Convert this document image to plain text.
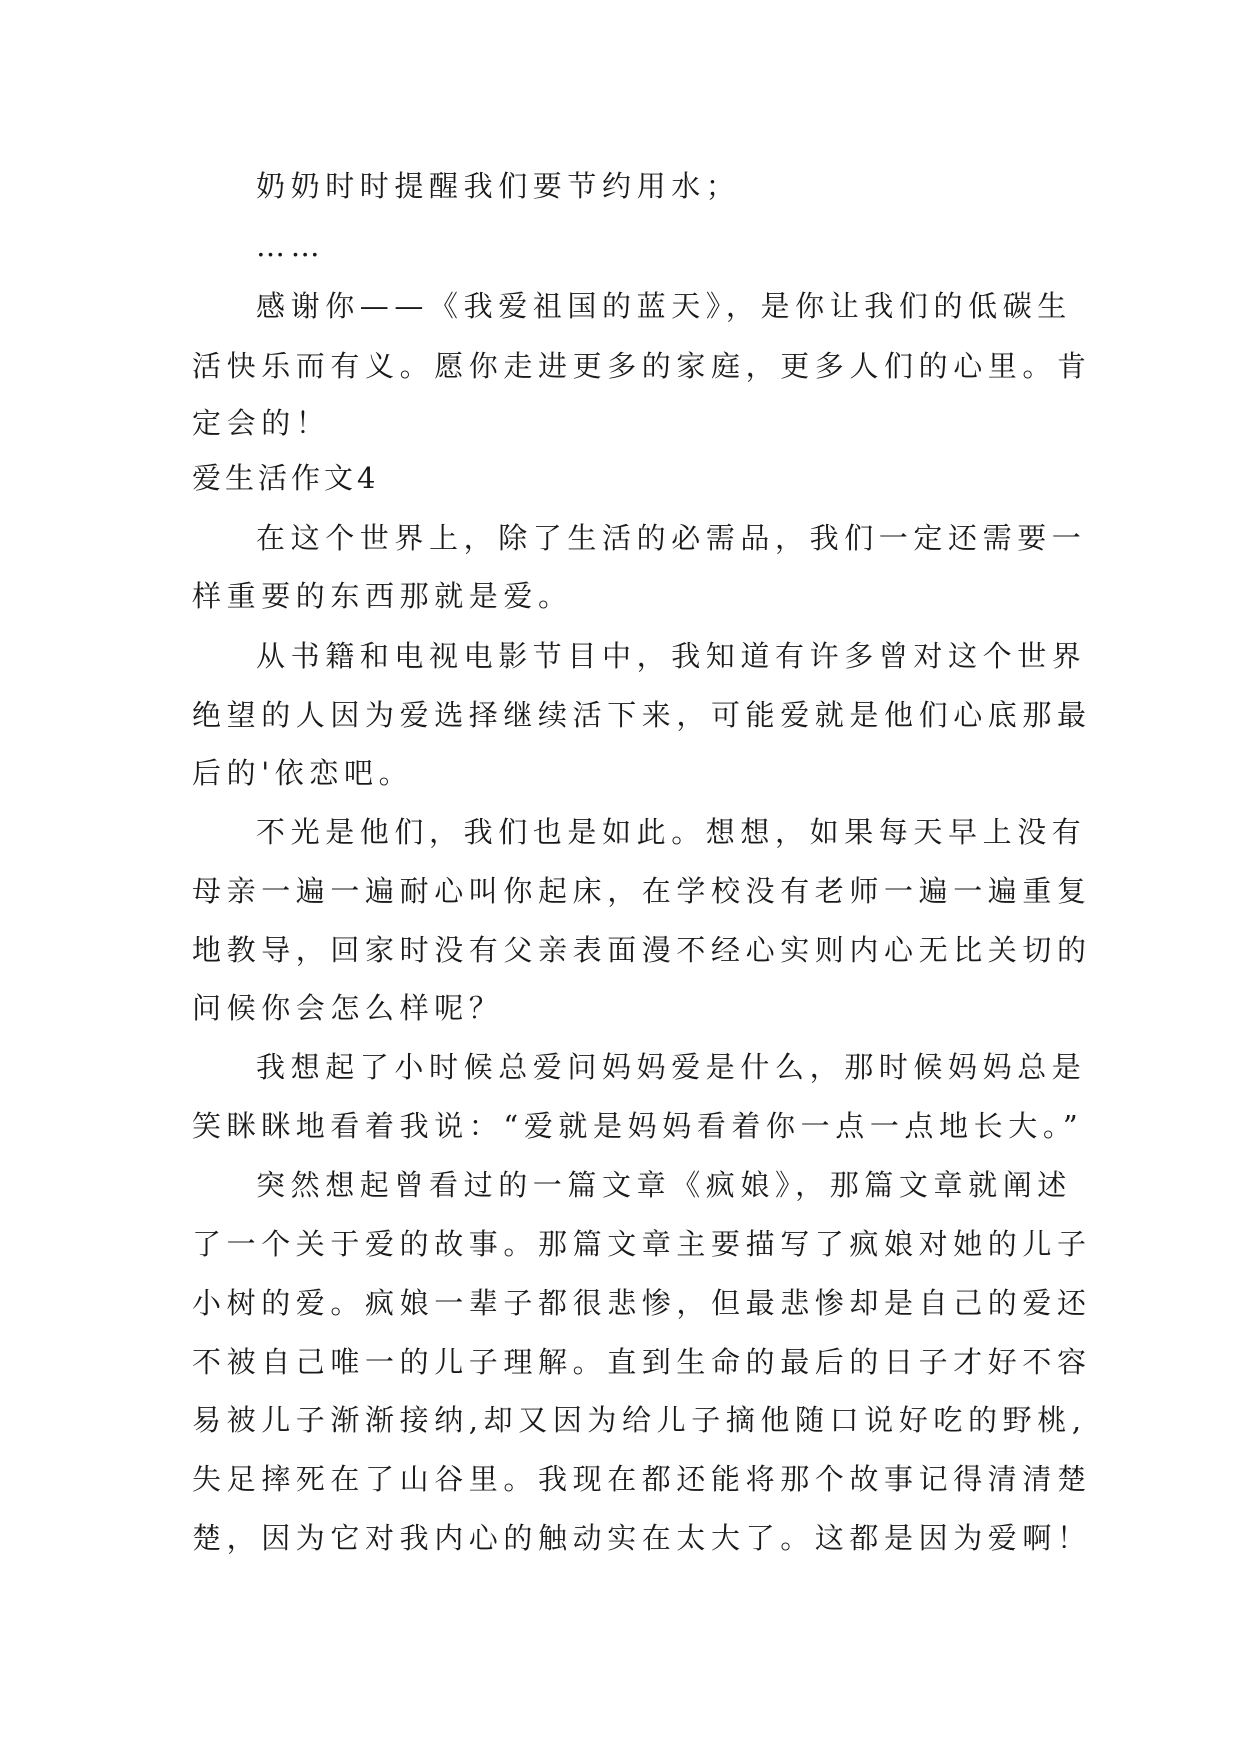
奶奶时时提醒我们要节约用水；
……
感谢你——《我爱祖国的蓝天》，是你让我们的低碳生
活快乐而有义。愿你走进更多的家庭，更多人们的心里。肯
定会的！
爱生活作文4
在这个世界上，除了生活的必需品，我们一定还需要一
样重要的东西那就是爱。
从书籍和电视电影节目中，我知道有许多曾对这个世界
绝望的人因为爱选择继续活下来，可能爱就是他们心底那最
后的'依恋吧。
不光是他们，我们也是如此。想想，如果每天早上没有
母亲一遍一遍耐心叫你起床，在学校没有老师一遍一遍重复
地教导，回家时没有父亲表面漫不经心实则内心无比关切的
问候你会怎么样呢？
我想起了小时候总爱问妈妈爱是什么，那时候妈妈总是
笑眯眯地看着我说：“爱就是妈妈看着你一点一点地长大。”
突然想起曾看过的一篇文章《疯娘》，那篇文章就阐述
了一个关于爱的故事。那篇文章主要描写了疯娘对她的儿子
小树的爱。疯娘一辈子都很悲惨，但最悲惨却是自己的爱还
不被自己唯一的儿子理解。直到生命的最后的日子才好不容
易被儿子渐渐接纳,却又因为给儿子摘他随口说好吃的野桃,
失足摔死在了山谷里。我现在都还能将那个故事记得清清楚
楚，因为它对我内心的触动实在太大了。这都是因为爱啊！
